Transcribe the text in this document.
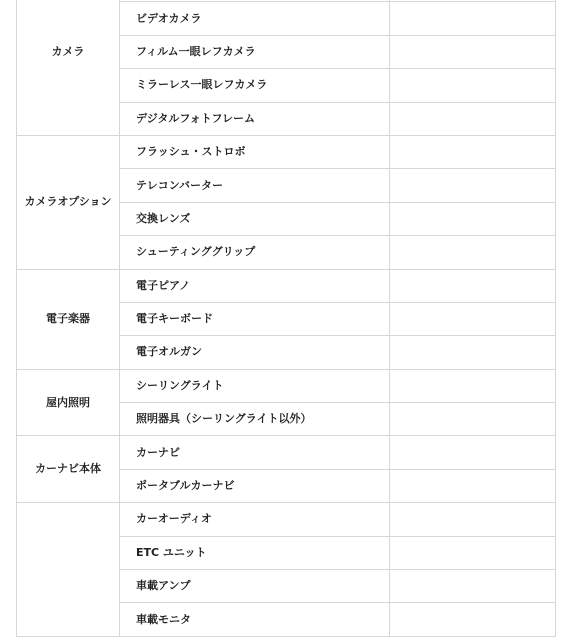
カメラ		
	ビデオカメラ	
	フィルム一眼レフカメラ	
	ミラーレス一眼レフカメラ	
	デジタルフォトフレーム	
カメラオプション	フラッシュ・ストロボ	
	テレコンバーター	
	交換レンズ	
	シューティンググリップ	
電子楽器	電子ピアノ	
	電子キーボード	
	電子オルガン	
屋内照明	シーリングライト	
	照明器具（シーリングライト以外）	
カーナビ本体	カーナビ	
	ポータブルカーナビ	
	カーオーディオ	
	ETC ユニット	
	車載アンプ	
	車載モニタ	
